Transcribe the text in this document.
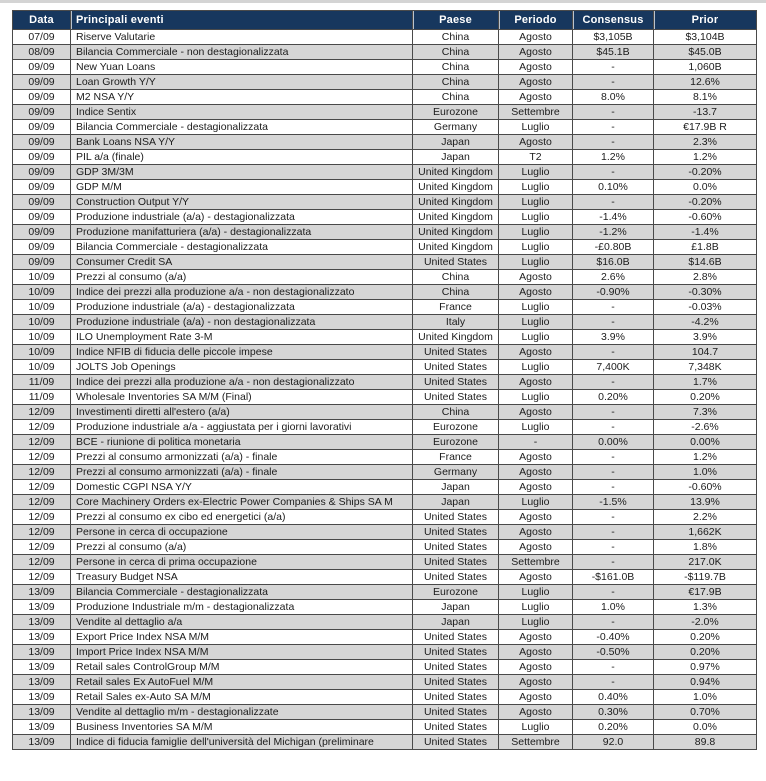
Data	Principali eventi	Paese	Periodo	Consensus	Prior
07/09	Riserve Valutarie	China	Agosto	$3,105B	$3,104B
08/09	Bilancia Commerciale - non destagionalizzata	China	Agosto	$45.1B	$45.0B
09/09	New Yuan Loans	China	Agosto	-	1,060B
09/09	Loan Growth Y/Y	China	Agosto	-	12.6%
09/09	M2 NSA Y/Y	China	Agosto	8.0%	8.1%
09/09	Indice Sentix	Eurozone	Settembre	-	-13.7
09/09	Bilancia Commerciale - destagionalizzata	Germany	Luglio	-	€17.9B R
09/09	Bank Loans NSA Y/Y	Japan	Agosto	-	2.3%
09/09	PIL a/a (finale)	Japan	T2	1.2%	1.2%
09/09	GDP 3M/3M	United Kingdom	Luglio	-	-0.20%
09/09	GDP M/M	United Kingdom	Luglio	0.10%	0.0%
09/09	Construction Output Y/Y	United Kingdom	Luglio	-	-0.20%
09/09	Produzione industriale (a/a) - destagionalizzata	United Kingdom	Luglio	-1.4%	-0.60%
09/09	Produzione manifatturiera (a/a) - destagionalizzata	United Kingdom	Luglio	-1.2%	-1.4%
09/09	Bilancia Commerciale - destagionalizzata	United Kingdom	Luglio	-£0.80B	£1.8B
09/09	Consumer Credit SA	United States	Luglio	$16.0B	$14.6B
10/09	Prezzi al consumo (a/a)	China	Agosto	2.6%	2.8%
10/09	Indice dei prezzi alla produzione a/a - non destagionalizzato	China	Agosto	-0.90%	-0.30%
10/09	Produzione industriale (a/a) - destagionalizzata	France	Luglio	-	-0.03%
10/09	Produzione industriale (a/a) - non destagionalizzata	Italy	Luglio	-	-4.2%
10/09	ILO Unemployment Rate 3-M	United Kingdom	Luglio	3.9%	3.9%
10/09	Indice NFIB di fiducia delle piccole impese	United States	Agosto	-	104.7
10/09	JOLTS Job Openings	United States	Luglio	7,400K	7,348K
11/09	Indice dei prezzi alla produzione a/a - non destagionalizzato	United States	Agosto	-	1.7%
11/09	Wholesale Inventories SA M/M (Final)	United States	Luglio	0.20%	0.20%
12/09	Investimenti diretti all'estero (a/a)	China	Agosto	-	7.3%
12/09	Produzione industriale a/a - aggiustata per i giorni lavorativi	Eurozone	Luglio	-	-2.6%
12/09	BCE - riunione di politica monetaria	Eurozone	-	0.00%	0.00%
12/09	Prezzi al consumo armonizzati (a/a) - finale	France	Agosto	-	1.2%
12/09	Prezzi al consumo armonizzati (a/a) - finale	Germany	Agosto	-	1.0%
12/09	Domestic CGPI NSA Y/Y	Japan	Agosto	-	-0.60%
12/09	Core Machinery Orders ex-Electric Power Companies & Ships SA M	Japan	Luglio	-1.5%	13.9%
12/09	Prezzi al consumo ex cibo ed energetici (a/a)	United States	Agosto	-	2.2%
12/09	Persone in cerca di occupazione	United States	Agosto	-	1,662K
12/09	Prezzi al consumo (a/a)	United States	Agosto	-	1.8%
12/09	Persone in cerca di prima occupazione	United States	Settembre	-	217.0K
12/09	Treasury Budget NSA	United States	Agosto	-$161.0B	-$119.7B
13/09	Bilancia Commerciale - destagionalizzata	Eurozone	Luglio	-	€17.9B
13/09	Produzione Industriale m/m - destagionalizzata	Japan	Luglio	1.0%	1.3%
13/09	Vendite al dettaglio a/a	Japan	Luglio	-	-2.0%
13/09	Export Price Index NSA M/M	United States	Agosto	-0.40%	0.20%
13/09	Import Price Index NSA M/M	United States	Agosto	-0.50%	0.20%
13/09	Retail sales ControlGroup M/M	United States	Agosto	-	0.97%
13/09	Retail sales Ex AutoFuel M/M	United States	Agosto	-	0.94%
13/09	Retail Sales ex-Auto SA M/M	United States	Agosto	0.40%	1.0%
13/09	Vendite al dettaglio m/m - destagionalizzate	United States	Agosto	0.30%	0.70%
13/09	Business Inventories SA M/M	United States	Luglio	0.20%	0.0%
13/09	Indice di fiducia famiglie dell'università del Michigan (preliminare	United States	Settembre	92.0	89.8
